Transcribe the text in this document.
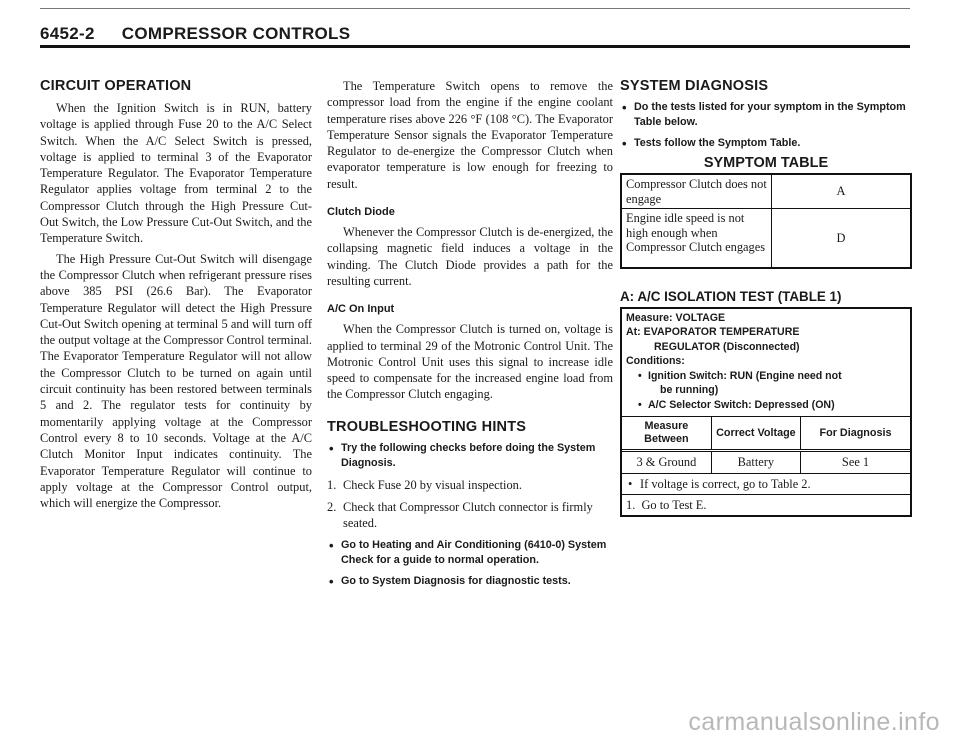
6452-2 COMPRESSOR CONTROLS
CIRCUIT OPERATION

When the Ignition Switch is in RUN, battery voltage is applied through Fuse 20 to the A/C Select Switch. When the A/C Select Switch is pressed, voltage is applied to terminal 3 of the Evaporator Temperature Regulator. The Evaporator Temperature Regulator applies voltage from terminal 2 to the Compressor Clutch through the High Pressure Cut-Out Switch, the Low Pressure Cut-Out Switch, and the Temperature Switch.

The High Pressure Cut-Out Switch will disengage the Compressor Clutch when refrigerant pressure rises above 385 PSI (26.6 Bar). The Evaporator Temperature Regulator will detect the High Pressure Cut-Out Switch opening at terminal 5 and will turn off the output voltage at the Compressor Control terminal. The Evaporator Temperature Regulator will not allow the Compressor Clutch to be turned on again until circuit continuity has been restored between terminals 5 and 2. The regulator tests for continuity by momentarily applying voltage at the Compressor Control every 8 to 10 seconds. Voltage at the A/C Clutch Monitor Input indicates continuity. The Evaporator Temperature Regulator will continue to apply voltage at the Compressor Control output, which will energize the Compressor.

The Temperature Switch opens to remove the compressor load from the engine if the engine coolant temperature rises above 226 °F (108 °C). The Evaporator Temperature Sensor signals the Evaporator Temperature Regulator to de-energize the Compressor Clutch when evaporator temperature is low enough for freezing to result.

Clutch Diode

Whenever the Compressor Clutch is de-energized, the collapsing magnetic field induces a voltage in the winding. The Clutch Diode provides a path for the resulting current.

A/C On Input

When the Compressor Clutch is turned on, voltage is applied to terminal 29 of the Motronic Control Unit. The Motronic Control Unit uses this signal to increase idle speed to compensate for the increased engine load from the Compressor Clutch engaging.

TROUBLESHOOTING HINTS
• Try the following checks before doing the System Diagnosis.
1. Check Fuse 20 by visual inspection.
2. Check that Compressor Clutch connector is firmly seated.
• Go to Heating and Air Conditioning (6410-0) System Check for a guide to normal operation.
• Go to System Diagnosis for diagnostic tests.
SYSTEM DIAGNOSIS
• Do the tests listed for your symptom in the Symptom Table below.
• Tests follow the Symptom Table.
SYMPTOM TABLE
Compressor Clutch does not engage	A
Engine idle speed is not high enough when Compressor Clutch engages	D
A: A/C ISOLATION TEST (TABLE 1)
Measure: VOLTAGE
At: EVAPORATOR TEMPERATURE
REGULATOR (Disconnected)
Conditions:
• Ignition Switch: RUN (Engine need not
be running)
• A/C Selector Switch: Depressed (ON)
Measure Between	Correct Voltage	For Diagnosis
3 & Ground	Battery	See 1
• If voltage is correct, go to Table 2.
1.  Go to Test E.
carmanualsonline.info
